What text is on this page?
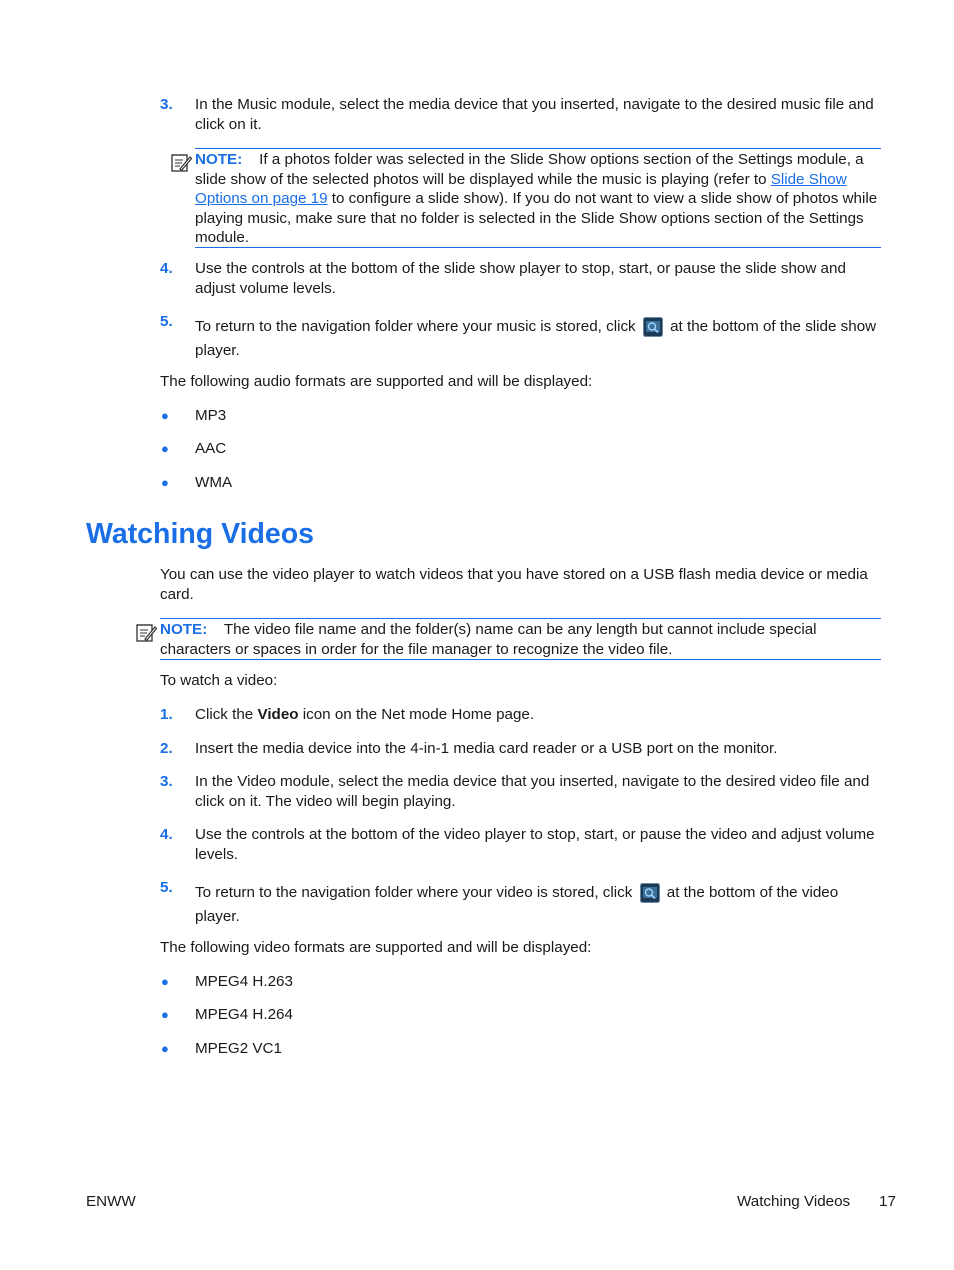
3. In the Music module, select the media device that you inserted, navigate to the desired music file and click on it.
NOTE: If a photos folder was selected in the Slide Show options section of the Settings module, a slide show of the selected photos will be displayed while the music is playing (refer to Slide Show Options on page 19 to configure a slide show). If you do not want to view a slide show of photos while playing music, make sure that no folder is selected in the Slide Show options section of the Settings module.
4. Use the controls at the bottom of the slide show player to stop, start, or pause the slide show and adjust volume levels.
5. To return to the navigation folder where your music is stored, click at the bottom of the slide show player.
The following audio formats are supported and will be displayed:
● MP3
● AAC
● WMA
Watching Videos
You can use the video player to watch videos that you have stored on a USB flash media device or media card.
NOTE: The video file name and the folder(s) name can be any length but cannot include special characters or spaces in order for the file manager to recognize the video file.
To watch a video:
1. Click the Video icon on the Net mode Home page.
2. Insert the media device into the 4-in-1 media card reader or a USB port on the monitor.
3. In the Video module, select the media device that you inserted, navigate to the desired video file and click on it. The video will begin playing.
4. Use the controls at the bottom of the video player to stop, start, or pause the video and adjust volume levels.
5. To return to the navigation folder where your video is stored, click at the bottom of the video player.
The following video formats are supported and will be displayed:
● MPEG4 H.263
● MPEG4 H.264
● MPEG2 VC1
ENWW	Watching Videos 17
